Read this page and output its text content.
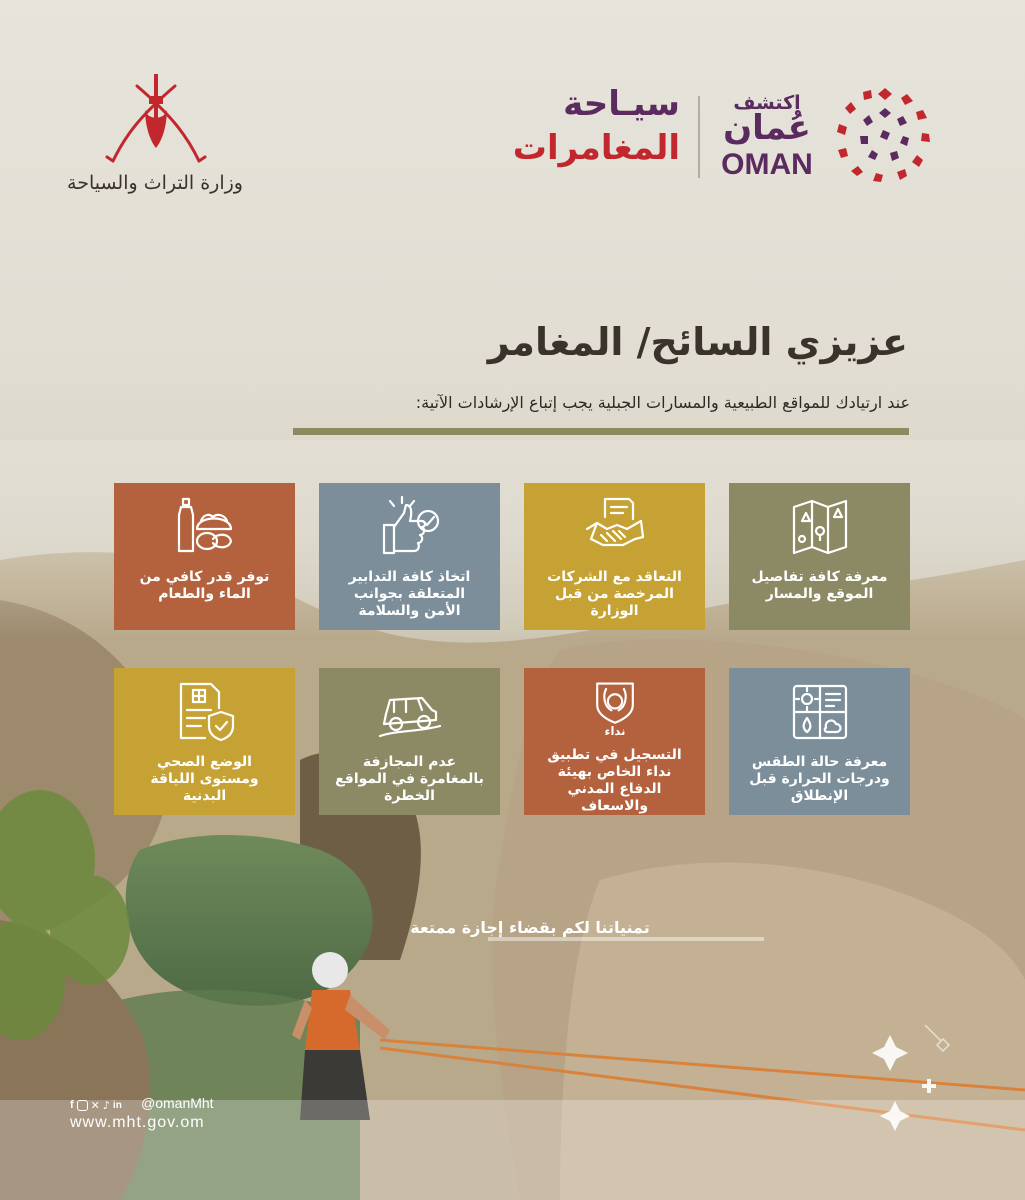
وزارة التراث والسياحة
سيـاحة
المغامرات
اكتشف
عُمان
OMAN
عزيزي السائح/ المغامر
عند ارتيادك للمواقع الطبيعية والمسارات الجبلية يجب إتباع الإرشادات الآتية:
معرفة كافة تفاصيل الموقع والمسار
التعاقد مع الشركات المرخصة من قبل الوزارة
اتخاذ كافة التدابير المتعلقة بجوانب الأمن والسلامة
توفر قدر كافي من الماء والطعام
معرفة حالة الطقس ودرجات الحرارة قبل الإنطلاق
نداء
التسجيل في تطبيق نداء الخاص بهيئة الدفاع المدني والاسعاف
عدم المجازفة بالمغامرة في المواقع الخطرة
الوضع الصحي ومستوى اللياقة البدنية
تمنياتنا لكم بقضاء إجازة ممتعة
f ✕ ♪ in @omanMht
www.mht.gov.om
